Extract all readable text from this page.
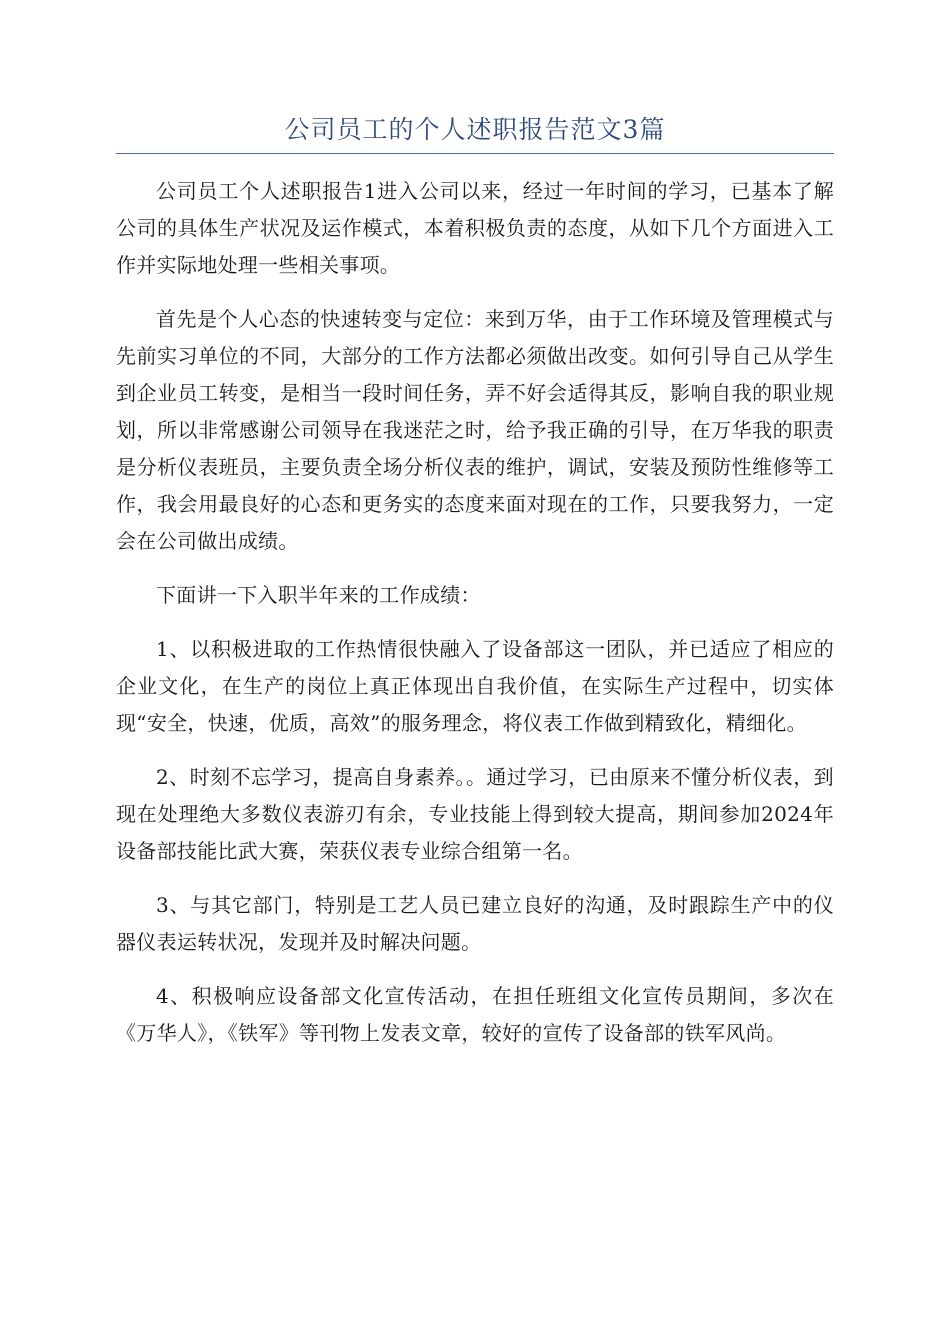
公司员工的个人述职报告范文3篇

公司员工个人述职报告1进入公司以来，经过一年时间的学习，已基本了解公司的具体生产状况及运作模式，本着积极负责的态度，从如下几个方面进入工作并实际地处理一些相关事项。

首先是个人心态的快速转变与定位：来到万华，由于工作环境及管理模式与先前实习单位的不同，大部分的工作方法都必须做出改变。如何引导自己从学生到企业员工转变，是相当一段时间任务，弄不好会适得其反，影响自我的职业规划，所以非常感谢公司领导在我迷茫之时，给予我正确的引导，在万华我的职责是分析仪表班员，主要负责全场分析仪表的维护，调试，安装及预防性维修等工作，我会用最良好的心态和更务实的态度来面对现在的工作，只要我努力，一定会在公司做出成绩。

下面讲一下入职半年来的工作成绩：

1、以积极进取的工作热情很快融入了设备部这一团队，并已适应了相应的企业文化，在生产的岗位上真正体现出自我价值，在实际生产过程中，切实体现“安全，快速，优质，高效”的服务理念，将仪表工作做到精致化，精细化。

2、时刻不忘学习，提高自身素养。。通过学习，已由原来不懂分析仪表，到现在处理绝大多数仪表游刃有余，专业技能上得到较大提高，期间参加2024年设备部技能比武大赛，荣获仪表专业综合组第一名。

3、与其它部门，特别是工艺人员已建立良好的沟通，及时跟踪生产中的仪器仪表运转状况，发现并及时解决问题。

4、积极响应设备部文化宣传活动，在担任班组文化宣传员期间，多次在《万华人》，《铁军》等刊物上发表文章，较好的宣传了设备部的铁军风尚。
